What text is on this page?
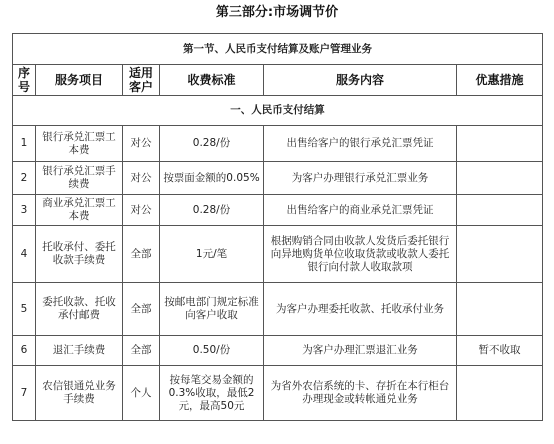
第三部分:市场调节价
第一节、人民币支付结算及账户管理业务					
序号	服务项目	适用客户	收费标准	服务内容	优惠措施
一、人民币支付结算					
1	银行承兑汇票工本费	对公	0.28/份	出售给客户的银行承兑汇票凭证	
2	银行承兑汇票手续费	对公	按票面金额的0.05%	为客户办理银行承兑汇票业务	
3	商业承兑汇票工本费	对公	0.28/份	出售给客户的商业承兑汇票凭证	
4	托收承付、委托收款手续费	全部	1元/笔	根据购销合同由收款人发货后委托银行向异地购货单位收取货款或收款人委托银行向付款人收取款项	
5	委托收款、托收承付邮费	全部	按邮电部门规定标准向客户收取	为客户办理委托收款、托收承付业务	
6	退汇手续费	全部	0.50/份	为客户办理汇票退汇业务	暂不收取
7	农信银通兑业务手续费	个人	按每笔交易金额的0.3%收取，最低2元，最高50元	为省外农信系统的卡、存折在本行柜台办理现金或转帐通兑业务	
